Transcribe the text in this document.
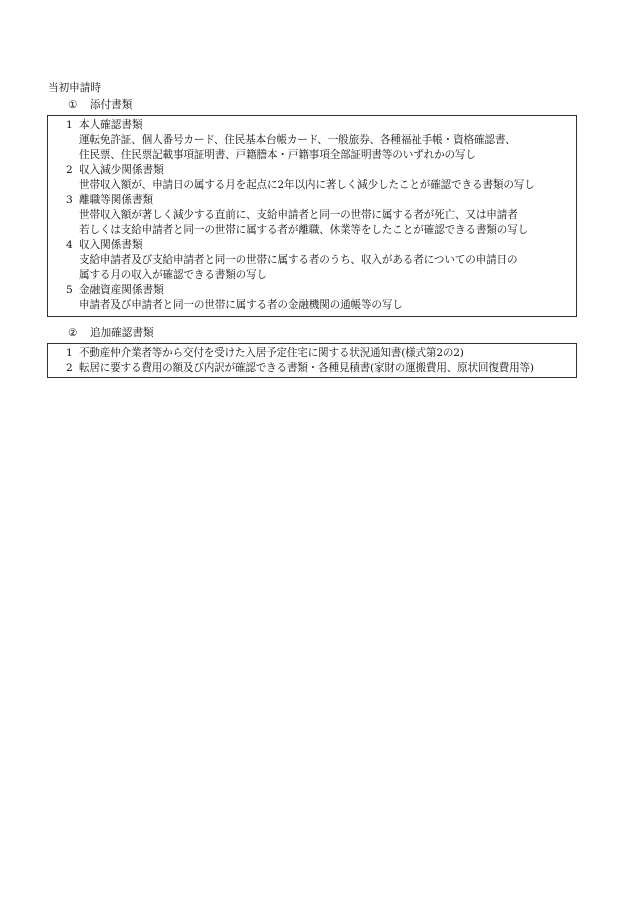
当初申請時
① 添付書類
1 本人確認書類
運転免許証、個人番号カード、住民基本台帳カード、一般旅券、各種福祉手帳・資格確認書、
住民票、住民票記載事項証明書、戸籍謄本・戸籍事項全部証明書等のいずれかの写し
2 収入減少関係書類
世帯収入額が、申請日の属する月を起点に2年以内に著しく減少したことが確認できる書類の写し
3 離職等関係書類
世帯収入額が著しく減少する直前に、支給申請者と同一の世帯に属する者が死亡、又は申請者
若しくは支給申請者と同一の世帯に属する者が離職、休業等をしたことが確認できる書類の写し
4 収入関係書類
支給申請者及び支給申請者と同一の世帯に属する者のうち、収入がある者についての申請日の
属する月の収入が確認できる書類の写し
5 金融資産関係書類
申請者及び申請者と同一の世帯に属する者の金融機関の通帳等の写し
② 追加確認書類
1 不動産仲介業者等から交付を受けた入居予定住宅に関する状況通知書(様式第2の2)
2 転居に要する費用の額及び内訳が確認できる書類・各種見積書(家財の運搬費用、原状回復費用等)
